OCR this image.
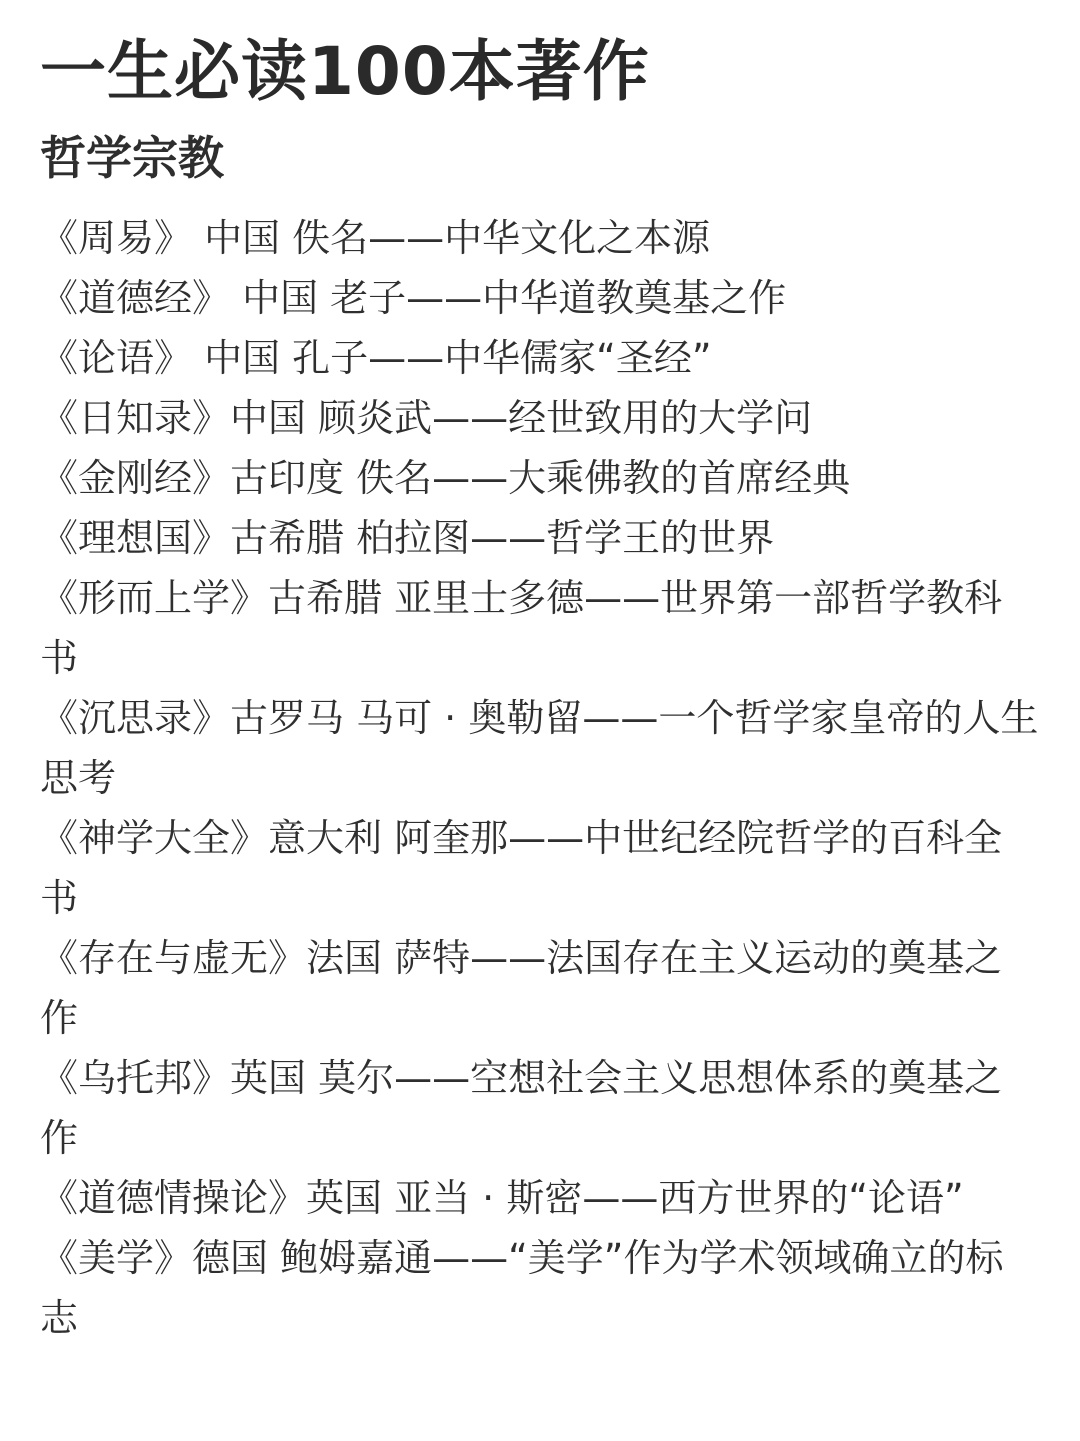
一生必读100本著作
哲学宗教
《周易》 中国 佚名——中华文化之本源
《道德经》 中国 老子——中华道教奠基之作
《论语》 中国 孔子——中华儒家“圣经”
《日知录》中国 顾炎武——经世致用的大学问
《金刚经》古印度 佚名——大乘佛教的首席经典
《理想国》古希腊 柏拉图——哲学王的世界
《形而上学》古希腊 亚里士多德——世界第一部哲学教科书
《沉思录》古罗马 马可 · 奥勒留——一个哲学家皇帝的人生思考
《神学大全》意大利 阿奎那——中世纪经院哲学的百科全书
《存在与虚无》法国 萨特——法国存在主义运动的奠基之作
《乌托邦》英国 莫尔——空想社会主义思想体系的奠基之作
《道德情操论》英国 亚当 · 斯密——西方世界的“论语”
《美学》德国 鲍姆嘉通——“美学”作为学术领域确立的标志
